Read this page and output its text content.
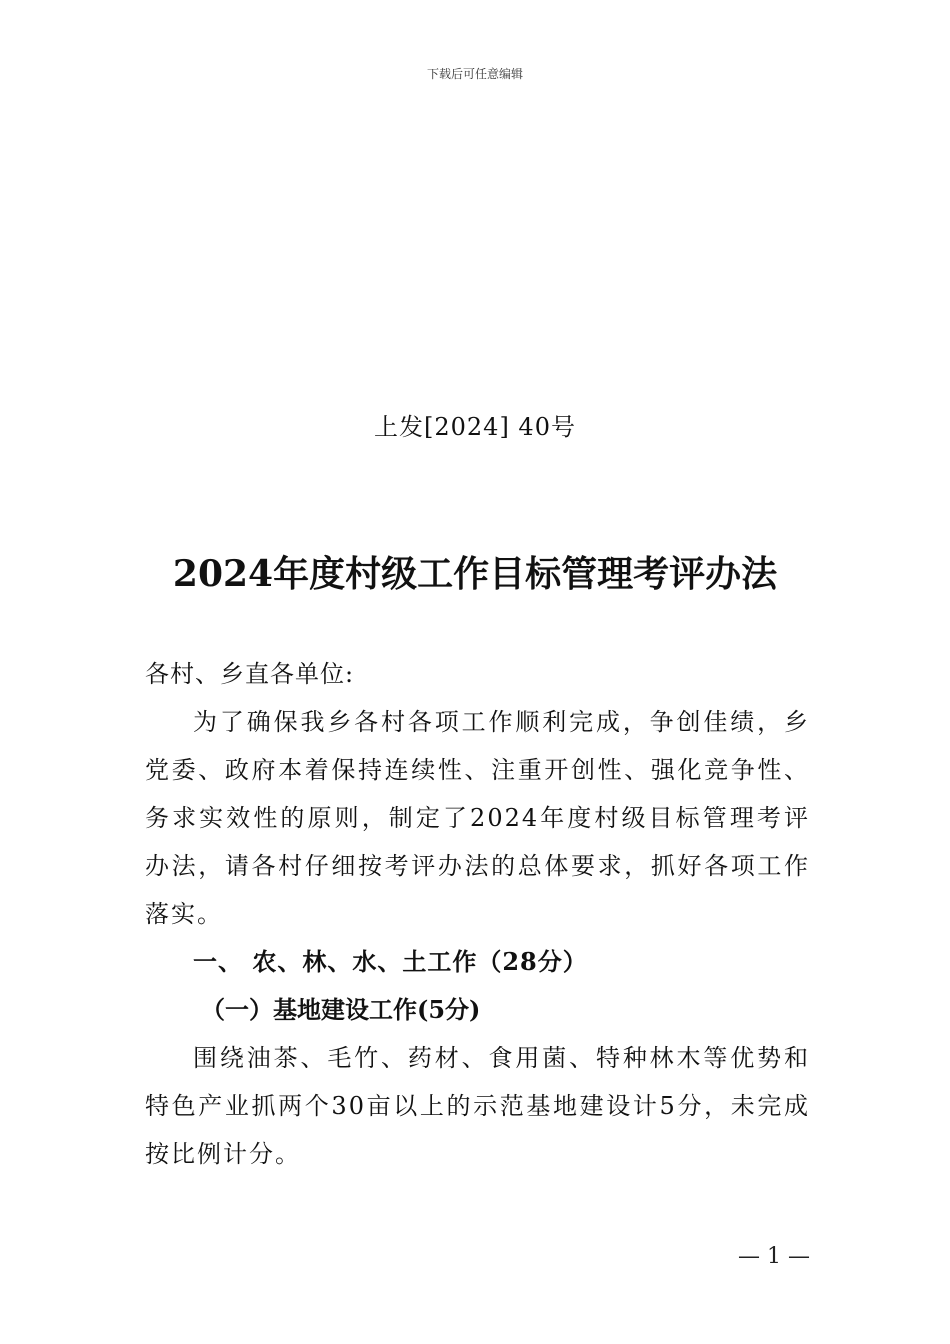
下载后可任意编辑
上发[2024] 40号
2024年度村级工作目标管理考评办法

各村、乡直各单位:

为了确保我乡各村各项工作顺利完成，争创佳绩，乡党委、政府本着保持连续性、注重开创性、强化竞争性、务求实效性的原则，制定了2024年度村级目标管理考评办法，请各村仔细按考评办法的总体要求，抓好各项工作落实。

一、 农、林、水、土工作（28分）

（一）基地建设工作(5分)

围绕油茶、毛竹、药材、食用菌、特种林木等优势和特色产业抓两个30亩以上的示范基地建设计5分，未完成按比例计分。

— 1 —
